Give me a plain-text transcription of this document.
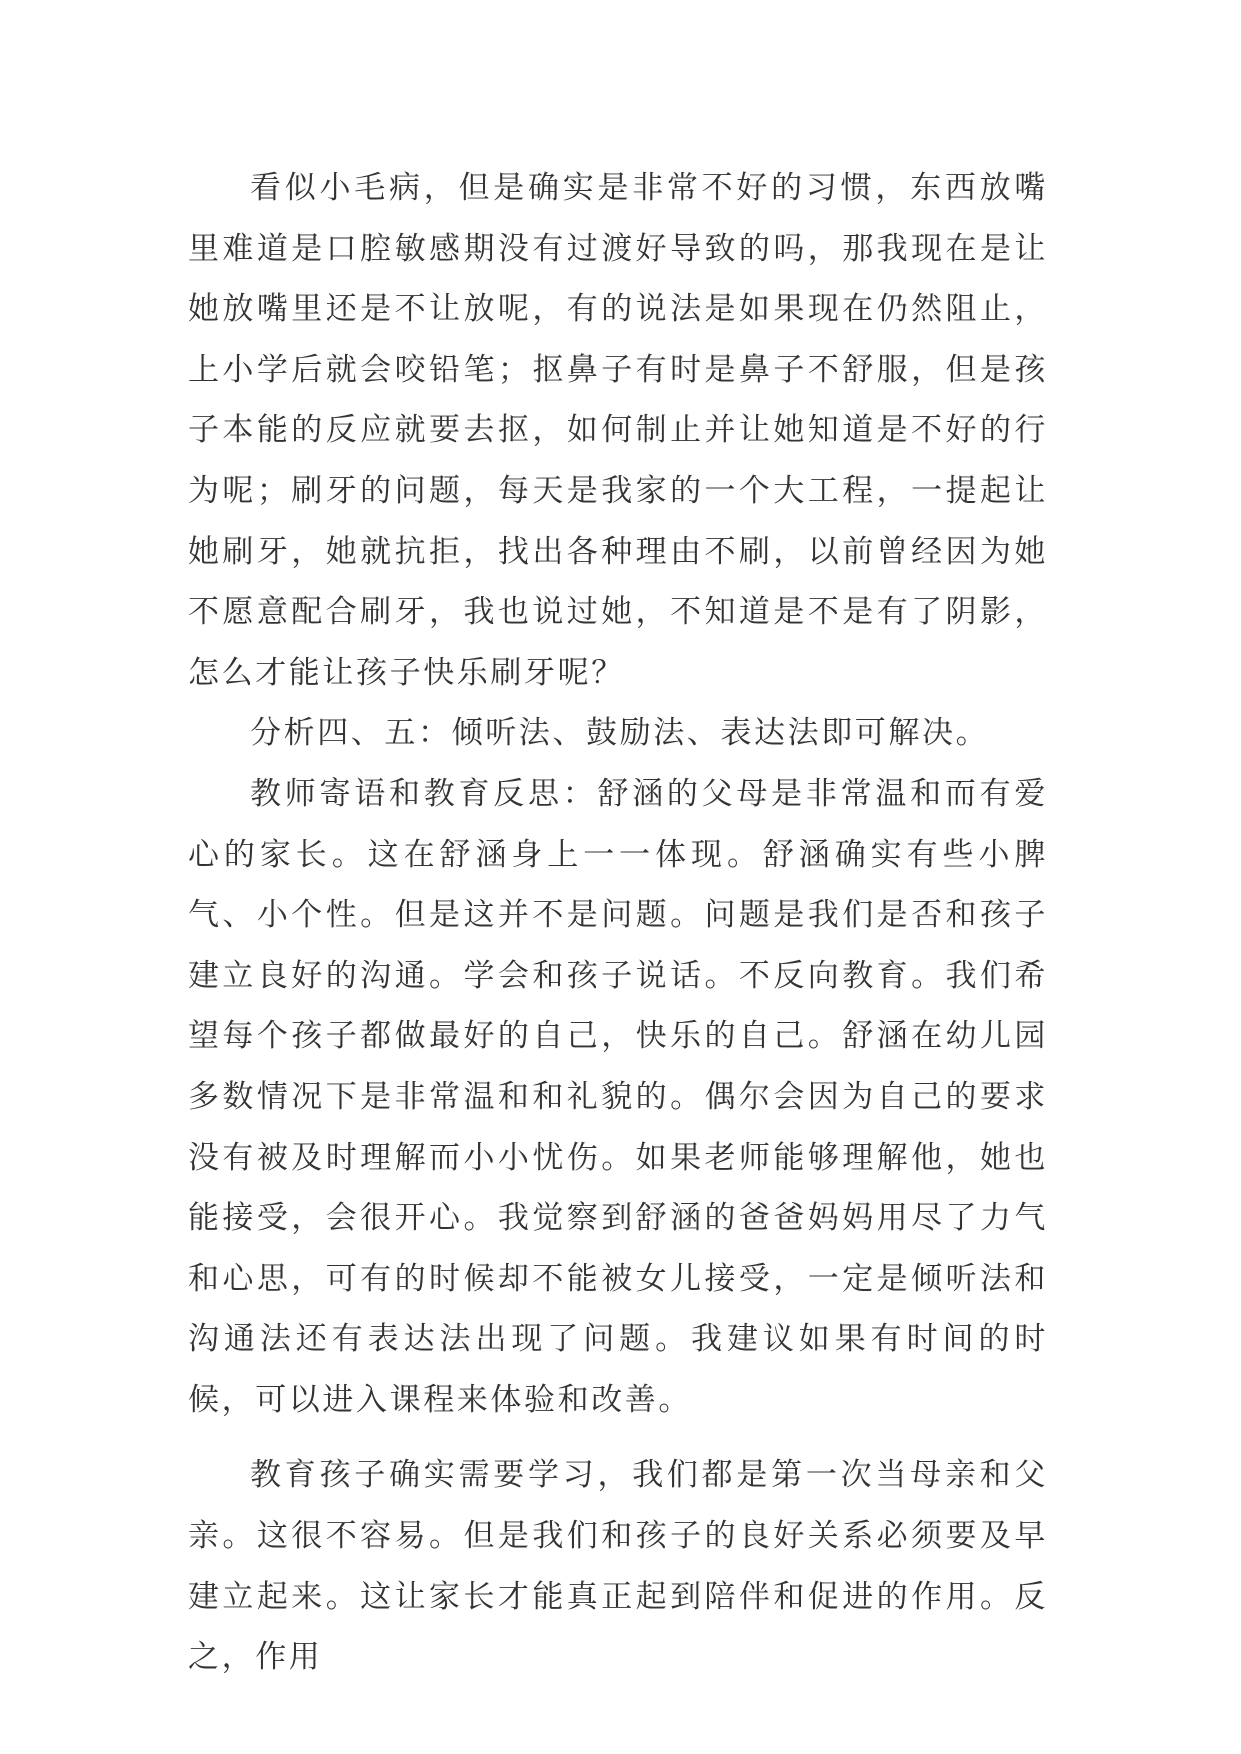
看似小毛病，但是确实是非常不好的习惯，东西放嘴里难道是口腔敏感期没有过渡好导致的吗，那我现在是让她放嘴里还是不让放呢，有的说法是如果现在仍然阻止，上小学后就会咬铅笔；抠鼻子有时是鼻子不舒服，但是孩子本能的反应就要去抠，如何制止并让她知道是不好的行为呢；刷牙的问题，每天是我家的一个大工程，一提起让她刷牙，她就抗拒，找出各种理由不刷，以前曾经因为她不愿意配合刷牙，我也说过她，不知道是不是有了阴影，怎么才能让孩子快乐刷牙呢？

分析四、五：倾听法、鼓励法、表达法即可解决。

教师寄语和教育反思：舒涵的父母是非常温和而有爱心的家长。这在舒涵身上一一体现。舒涵确实有些小脾气、小个性。但是这并不是问题。问题是我们是否和孩子建立良好的沟通。学会和孩子说话。不反向教育。我们希望每个孩子都做最好的自己，快乐的自己。舒涵在幼儿园多数情况下是非常温和和礼貌的。偶尔会因为自己的要求没有被及时理解而小小忧伤。如果老师能够理解他，她也能接受，会很开心。我觉察到舒涵的爸爸妈妈用尽了力气和心思，可有的时候却不能被女儿接受，一定是倾听法和沟通法还有表达法出现了问题。我建议如果有时间的时候，可以进入课程来体验和改善。

教育孩子确实需要学习，我们都是第一次当母亲和父亲。这很不容易。但是我们和孩子的良好关系必须要及早建立起来。这让家长才能真正起到陪伴和促进的作用。反之，作用
